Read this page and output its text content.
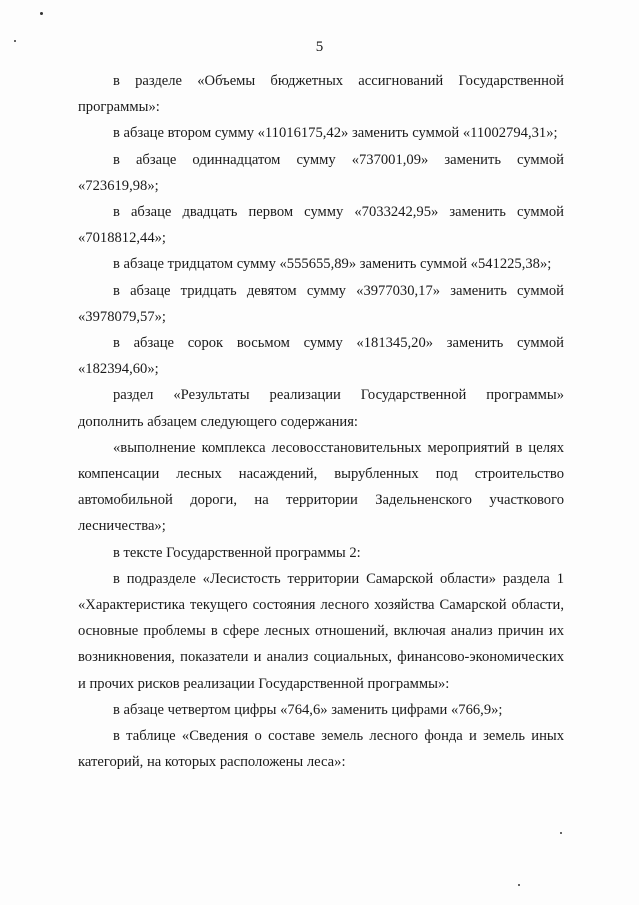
5

в разделе «Объемы бюджетных ассигнований Государственной программы»:

в абзаце втором сумму «11016175,42» заменить суммой «11002794,31»;

в абзаце одиннадцатом сумму «737001,09» заменить суммой «723619,98»;

в абзаце двадцать первом сумму «7033242,95» заменить суммой «7018812,44»;

в абзаце тридцатом сумму «555655,89» заменить суммой «541225,38»;

в абзаце тридцать девятом сумму «3977030,17» заменить суммой «3978079,57»;

в абзаце сорок восьмом сумму «181345,20» заменить суммой «182394,60»;

раздел «Результаты реализации Государственной программы» дополнить абзацем следующего содержания:

«выполнение комплекса лесовосстановительных мероприятий в целях компенсации лесных насаждений, вырубленных под строительство автомобильной дороги, на территории Задельненского участкового лесничества»;

в тексте Государственной программы 2:

в подразделе «Лесистость территории Самарской области» раздела 1 «Характеристика текущего состояния лесного хозяйства Самарской области, основные проблемы в сфере лесных отношений, включая анализ причин их возникновения, показатели и анализ социальных, финансово-экономических и прочих рисков реализации Государственной программы»:

в абзаце четвертом цифры «764,6» заменить цифрами «766,9»;

в таблице «Сведения о составе земель лесного фонда и земель иных категорий, на которых расположены леса»:
